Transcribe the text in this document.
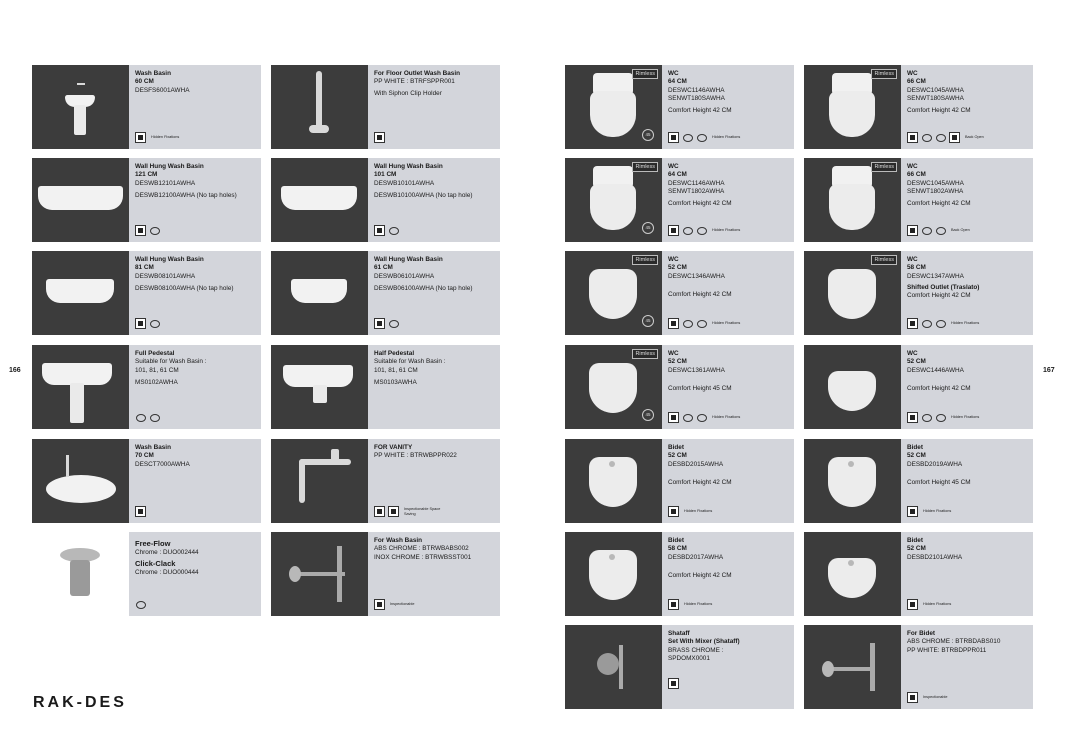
166	167
RAK-DES
Wash Basin
60 CM
DESFS6001AWHA
Hidden Fixations
For Floor Outlet Wash Basin
PP WHITE : BTRFSPPR001
With Siphon Clip Holder
Wall Hung Wash Basin
121 CM
DESWB12101AWHA
DESWB12100AWHA (No tap holes)
Wall Hung Wash Basin
101 CM
DESWB10101AWHA
DESWB10100AWHA (No tap hole)
Wall Hung Wash Basin
81 CM
DESWB08101AWHA
DESWB08100AWHA (No tap hole)
Wall Hung Wash Basin
61 CM
DESWB06101AWHA
DESWB06100AWHA (No tap hole)
Full Pedestal
Suitable for Wash Basin :
101, 81, 61 CM
MS0102AWHA
Half Pedestal
Suitable for Wash Basin :
101, 81, 61 CM
MS0103AWHA
Wash Basin
70 CM
DESCT7000AWHA
FOR VANITY
PP WHITE : BTRWBPPR022
Inspectionable Space Saving
Free-Flow
Chrome : DUO002444
Click-Clack
Chrome : DUO000444
For Wash Basin
ABS CHROME : BTRWBABS002
INOX CHROME : BTRWBSST001
Inspectionable
Rimless
45
WC
64 CM
DESWC1146AWHA
SENWT180SAWHA
Comfort Height 42 CM
Hidden Fixations
Rimless	WC
66 CM
DESWC1045AWHA
SENWT180SAWHA
Comfort Height 42 CM
Back Open
Rimless
45
WC
64 CM
DESWC1146AWHA
SENWT1802AWHA
Comfort Height 42 CM
Hidden Fixations
Rimless	WC
66 CM
DESWC1045AWHA
SENWT1802AWHA
Comfort Height 42 CM
Back Open
Rimless
45
WC
52 CM
DESWC1346AWHA
Comfort Height 42 CM
Hidden Fixations
Rimless	WC
58 CM
DESWC1347AWHA
Shifted Outlet (Traslato)
Comfort Height 42 CM
Hidden Fixations
Rimless
45
WC
52 CM
DESWC1361AWHA
Comfort Height 45 CM
Hidden Fixations
WC
52 CM
DESWC1446AWHA
Comfort Height 42 CM
Hidden Fixations
Bidet
52 CM
DESBD2015AWHA
Comfort Height 42 CM
Hidden Fixations
Bidet
52 CM
DESBD2019AWHA
Comfort Height 45 CM
Hidden Fixations
Bidet
58 CM
DESBD2017AWHA
Comfort Height 42 CM
Hidden Fixations
Bidet
52 CM
DESBD2101AWHA
Hidden Fixations
Shataff
Set With Mixer (Shataff)
BRASS CHROME :
SPDOMX0001
For Bidet
ABS CHROME : BTRBDABS010
PP WHITE: BTRBDPPR011
Inspectionable
